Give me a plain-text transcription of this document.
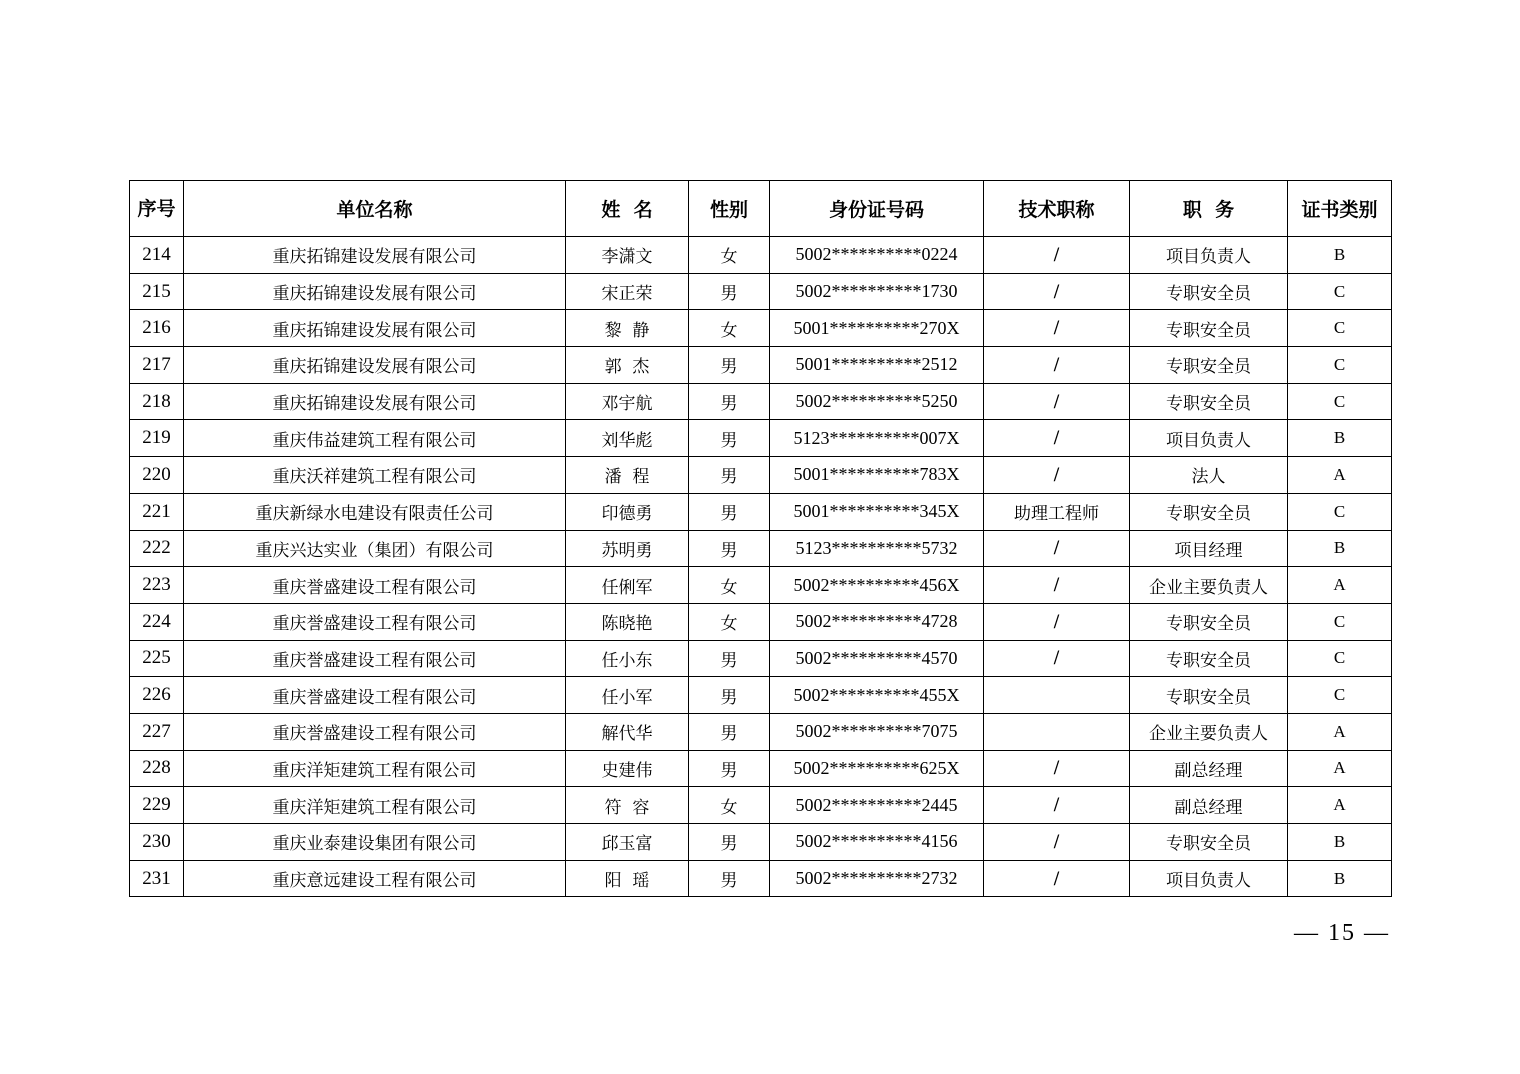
序号	单位名称	姓  名	性别	身份证号码	技术职称	职  务	证书类别
214	重庆拓锦建设发展有限公司	李潇文	女	5002**********0224	/	项目负责人	B
215	重庆拓锦建设发展有限公司	宋正荣	男	5002**********1730	/	专职安全员	C
216	重庆拓锦建设发展有限公司	黎  静	女	5001**********270X	/	专职安全员	C
217	重庆拓锦建设发展有限公司	郭  杰	男	5001**********2512	/	专职安全员	C
218	重庆拓锦建设发展有限公司	邓宇航	男	5002**********5250	/	专职安全员	C
219	重庆伟益建筑工程有限公司	刘华彪	男	5123**********007X	/	项目负责人	B
220	重庆沃祥建筑工程有限公司	潘  程	男	5001**********783X	/	法人	A
221	重庆新绿水电建设有限责任公司	印德勇	男	5001**********345X	助理工程师	专职安全员	C
222	重庆兴达实业（集团）有限公司	苏明勇	男	5123**********5732	/	项目经理	B
223	重庆誉盛建设工程有限公司	任俐军	女	5002**********456X	/	企业主要负责人	A
224	重庆誉盛建设工程有限公司	陈晓艳	女	5002**********4728	/	专职安全员	C
225	重庆誉盛建设工程有限公司	任小东	男	5002**********4570	/	专职安全员	C
226	重庆誉盛建设工程有限公司	任小军	男	5002**********455X		专职安全员	C
227	重庆誉盛建设工程有限公司	解代华	男	5002**********7075		企业主要负责人	A
228	重庆洋矩建筑工程有限公司	史建伟	男	5002**********625X	/	副总经理	A
229	重庆洋矩建筑工程有限公司	符  容	女	5002**********2445	/	副总经理	A
230	重庆业泰建设集团有限公司	邱玉富	男	5002**********4156	/	专职安全员	B
231	重庆意远建设工程有限公司	阳  瑶	男	5002**********2732	/	项目负责人	B
— 15 —
